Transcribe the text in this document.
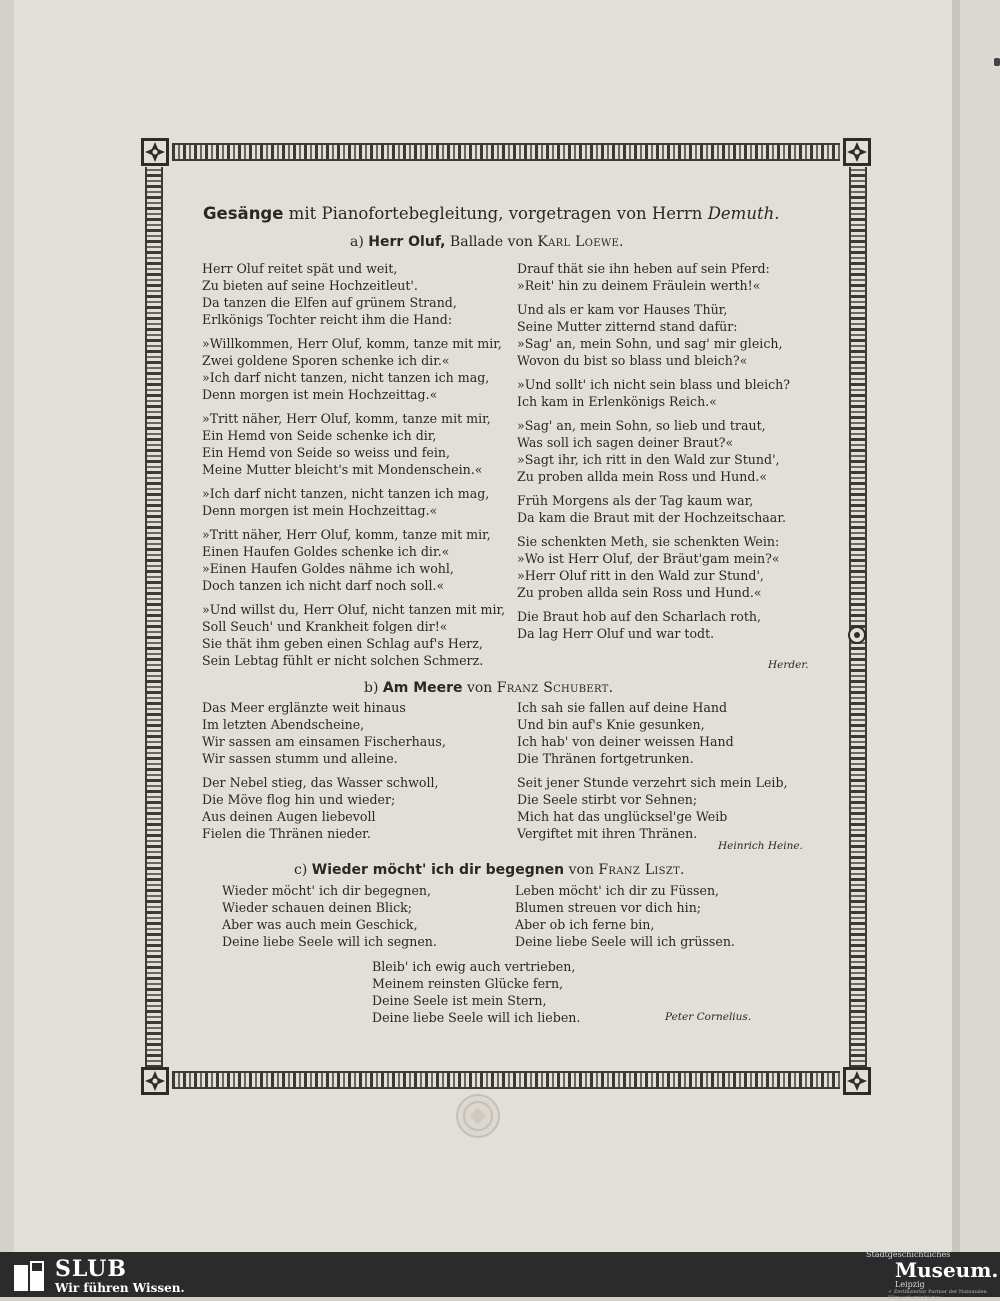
Gesänge mit Pianofortebegleitung, vorgetragen von Herrn Demuth.
a) Herr Oluf, Ballade von Karl Loewe.
Herr Oluf reitet spät und weit,
Zu bieten auf seine Hochzeitleut'.
Da tanzen die Elfen auf grünem Strand,
Erlkönigs Tochter reicht ihm die Hand:
»Willkommen, Herr Oluf, komm, tanze mit mir,
Zwei goldene Sporen schenke ich dir.«
»Ich darf nicht tanzen, nicht tanzen ich mag,
Denn morgen ist mein Hochzeittag.«
»Tritt näher, Herr Oluf, komm, tanze mit mir,
Ein Hemd von Seide schenke ich dir,
Ein Hemd von Seide so weiss und fein,
Meine Mutter bleicht's mit Mondenschein.«
»Ich darf nicht tanzen, nicht tanzen ich mag,
Denn morgen ist mein Hochzeittag.«
»Tritt näher, Herr Oluf, komm, tanze mit mir,
Einen Haufen Goldes schenke ich dir.«
»Einen Haufen Goldes nähme ich wohl,
Doch tanzen ich nicht darf noch soll.«
»Und willst du, Herr Oluf, nicht tanzen mit mir,
Soll Seuch' und Krankheit folgen dir!«
Sie thät ihm geben einen Schlag auf's Herz,
Sein Lebtag fühlt er nicht solchen Schmerz.
Drauf thät sie ihn heben auf sein Pferd:
»Reit' hin zu deinem Fräulein werth!«
Und als er kam vor Hauses Thür,
Seine Mutter zitternd stand dafür:
»Sag' an, mein Sohn, und sag' mir gleich,
Wovon du bist so blass und bleich?«
»Und sollt' ich nicht sein blass und bleich?
Ich kam in Erlenkönigs Reich.«
»Sag' an, mein Sohn, so lieb und traut,
Was soll ich sagen deiner Braut?«
»Sagt ihr, ich ritt in den Wald zur Stund',
Zu proben allda mein Ross und Hund.«
Früh Morgens als der Tag kaum war,
Da kam die Braut mit der Hochzeitschaar.
Sie schenkten Meth, sie schenkten Wein:
»Wo ist Herr Oluf, der Bräut'gam mein?«
»Herr Oluf ritt in den Wald zur Stund',
Zu proben allda sein Ross und Hund.«
Die Braut hob auf den Scharlach roth,
Da lag Herr Oluf und war todt.
Herder.
b) Am Meere von Franz Schubert.
Das Meer erglänzte weit hinaus
Im letzten Abendscheine,
Wir sassen am einsamen Fischerhaus,
Wir sassen stumm und alleine.
Der Nebel stieg, das Wasser schwoll,
Die Möve flog hin und wieder;
Aus deinen Augen liebevoll
Fielen die Thränen nieder.
Ich sah sie fallen auf deine Hand
Und bin auf's Knie gesunken,
Ich hab' von deiner weissen Hand
Die Thränen fortgetrunken.
Seit jener Stunde verzehrt sich mein Leib,
Die Seele stirbt vor Sehnen;
Mich hat das unglücksel'ge Weib
Vergiftet mit ihren Thränen.
Heinrich Heine.
c) Wieder möcht' ich dir begegnen von Franz Liszt.
Wieder möcht' ich dir begegnen,
Wieder schauen deinen Blick;
Aber was auch mein Geschick,
Deine liebe Seele will ich segnen.
Leben möcht' ich dir zu Füssen,
Blumen streuen vor dich hin;
Aber ob ich ferne bin,
Deine liebe Seele will ich grüssen.
Bleib' ich ewig auch vertrieben,
Meinem reinsten Glücke fern,
Deine Seele ist mein Stern,
Deine liebe Seele will ich lieben.	Peter Cornelius.
SLUB
Wir führen Wissen.
Stadtgeschichtliches
Museum.
Leipzig
✓ Zertifizierter Partner der Nationalen Klimaschutzinitiative
